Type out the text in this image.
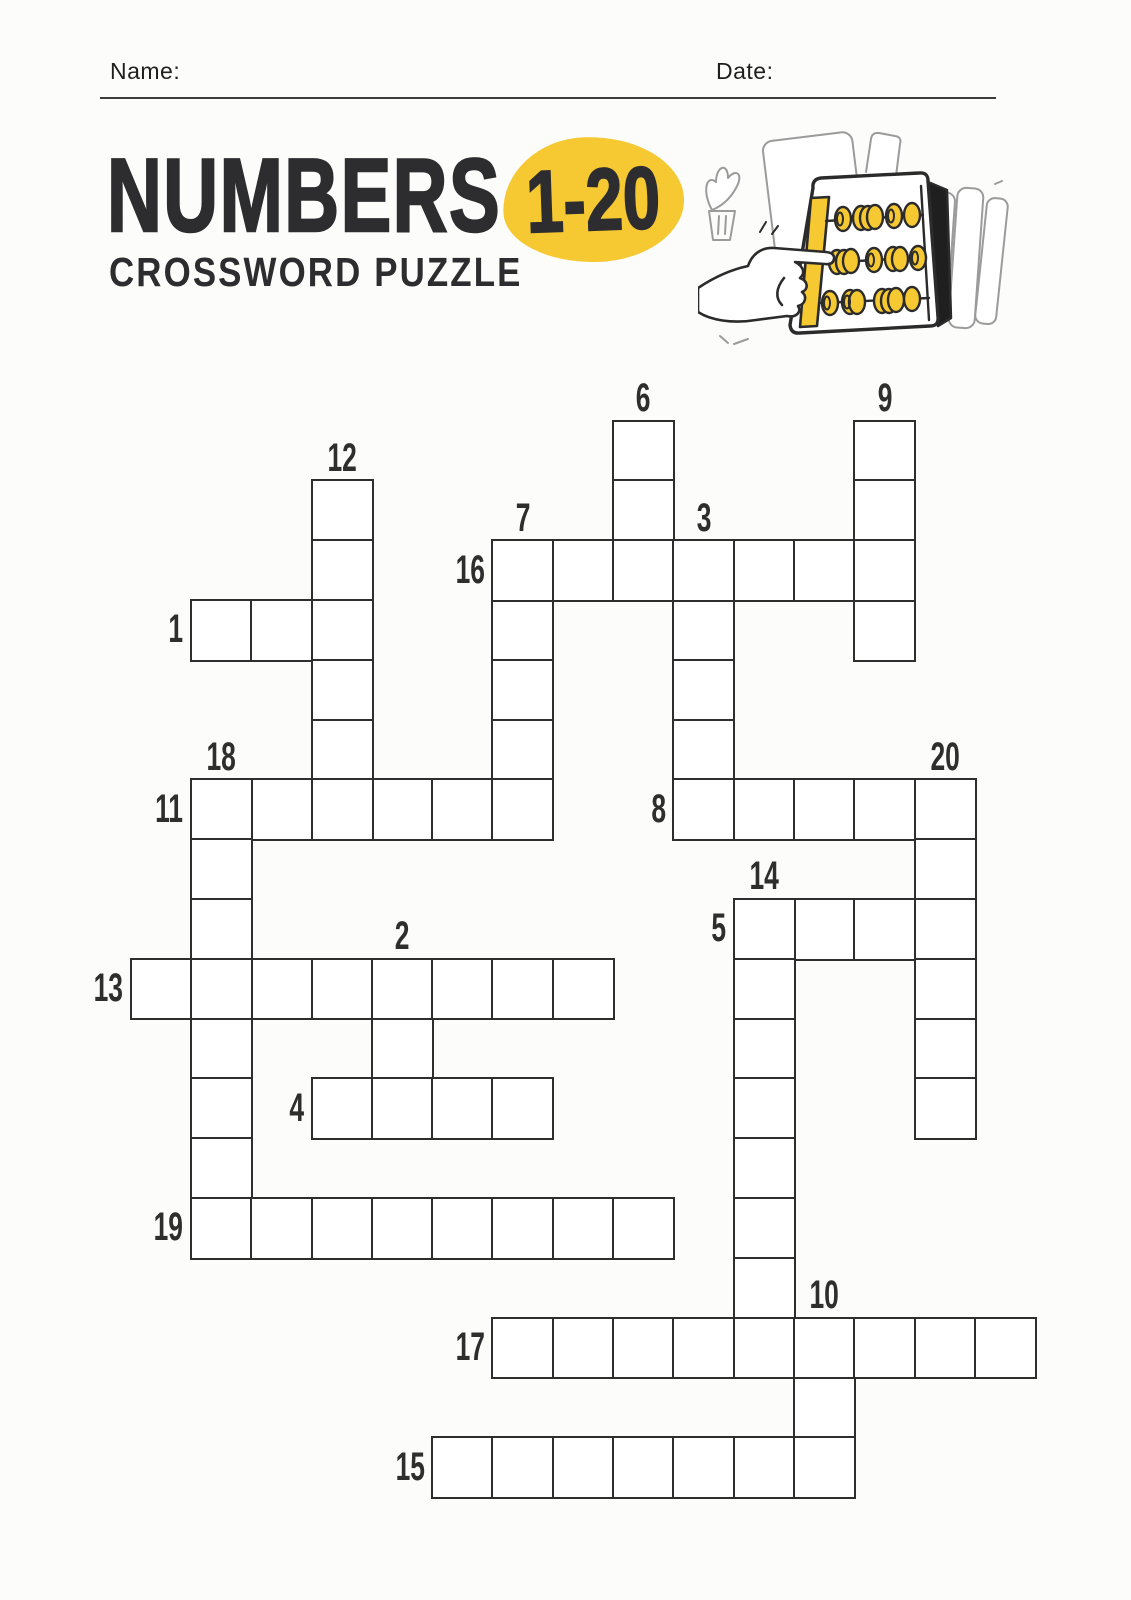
Name:	Date:
NUMBERS 1-20
CROSSWORD PUZZLE
1
2
3
4
5
6
7
8
9
10
11
12
13
14
15
16
17
18
19
20
